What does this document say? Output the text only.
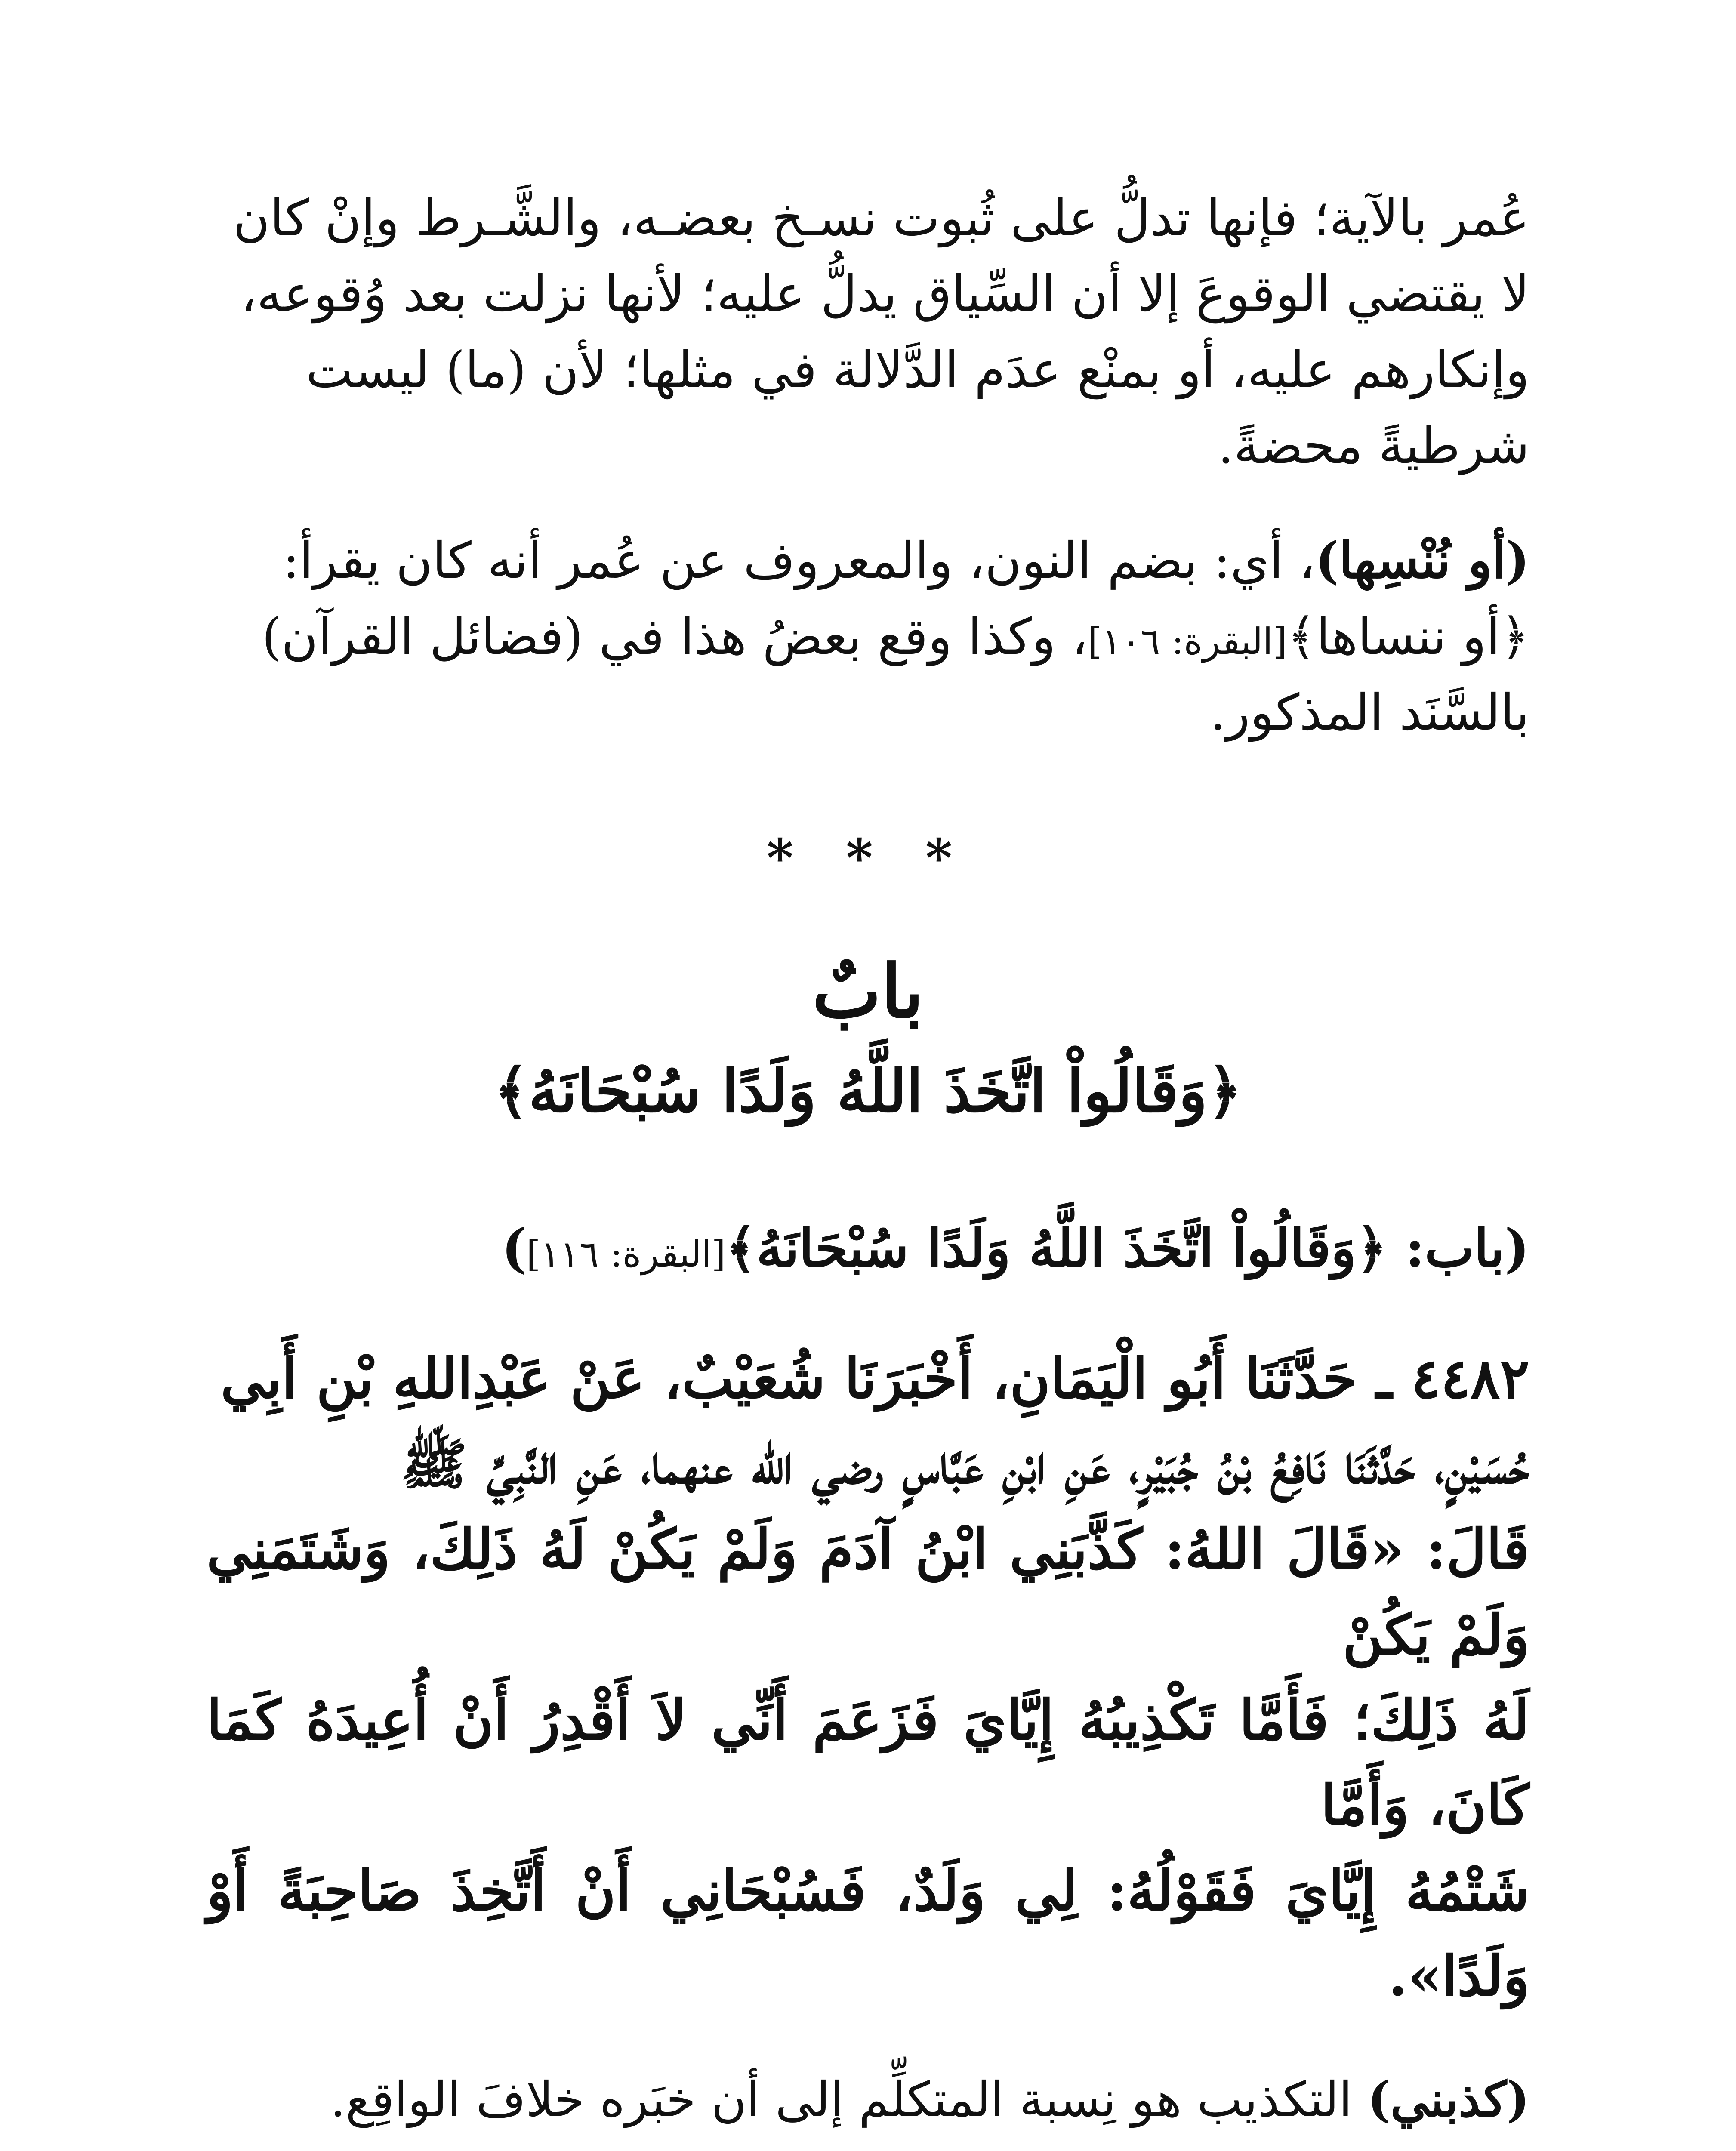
عُمر بالآية؛ فإنها تدلُّ على ثُبوت نسـخ بعضـه، والشَّـرط وإنْ كان

لا يقتضي الوقوعَ إلا أن السِّياق يدلُّ عليه؛ لأنها نزلت بعد وُقوعه،

وإنكارهم عليه، أو بمنْع عدَم الدَّلالة في مثلها؛ لأن (ما) ليست

شرطيةً محضةً.

(أو نُنْسِها)، أي: بضم النون، والمعروف عن عُمر أنه كان يقرأ:

﴿أو ننساها﴾[البقرة: ١٠٦]، وكذا وقع بعضُ هذا في (فضائل القرآن)

بالسَّنَد المذكور.

* * *
بابٌ
﴿وَقَالُواْ اتَّخَذَ اللَّهُ وَلَدًا سُبْحَانَهُ﴾
(باب: ﴿وَقَالُواْ اتَّخَذَ اللَّهُ وَلَدًا سُبْحَانَهُ﴾[البقرة: ١١٦])

٤٤٨٢ ـ حَدَّثَنَا أَبُو الْيَمَانِ، أَخْبَرَنَا شُعَيْبٌ، عَنْ عَبْدِاللهِ بْنِ أَبِي

حُسَيْنٍ، حَدَّثَنَا نَافِعُ بْنُ جُبَيْرٍ، عَنِ ابْنِ عَبَّاسٍ رضي الله عنهما، عَنِ النَّبِيِّ ﷺ

قَالَ: «قَالَ اللهُ: كَذَّبَنِي ابْنُ آدَمَ وَلَمْ يَكُنْ لَهُ ذَلِكَ، وَشَتَمَنِي وَلَمْ يَكُنْ

لَهُ ذَلِكَ؛ فَأَمَّا تَكْذِيبُهُ إِيَّايَ فَزَعَمَ أَنِّي لاَ أَقْدِرُ أَنْ أُعِيدَهُ كَمَا كَانَ، وَأَمَّا

شَتْمُهُ إِيَّايَ فَقَوْلُهُ: لِي وَلَدٌ، فَسُبْحَانِي أَنْ أَتَّخِذَ صَاحِبَةً أَوْ وَلَدًا».

(كذبني) التكذيب هو نِسبة المتكلِّم إلى أن خبَره خلافَ الواقِع.
